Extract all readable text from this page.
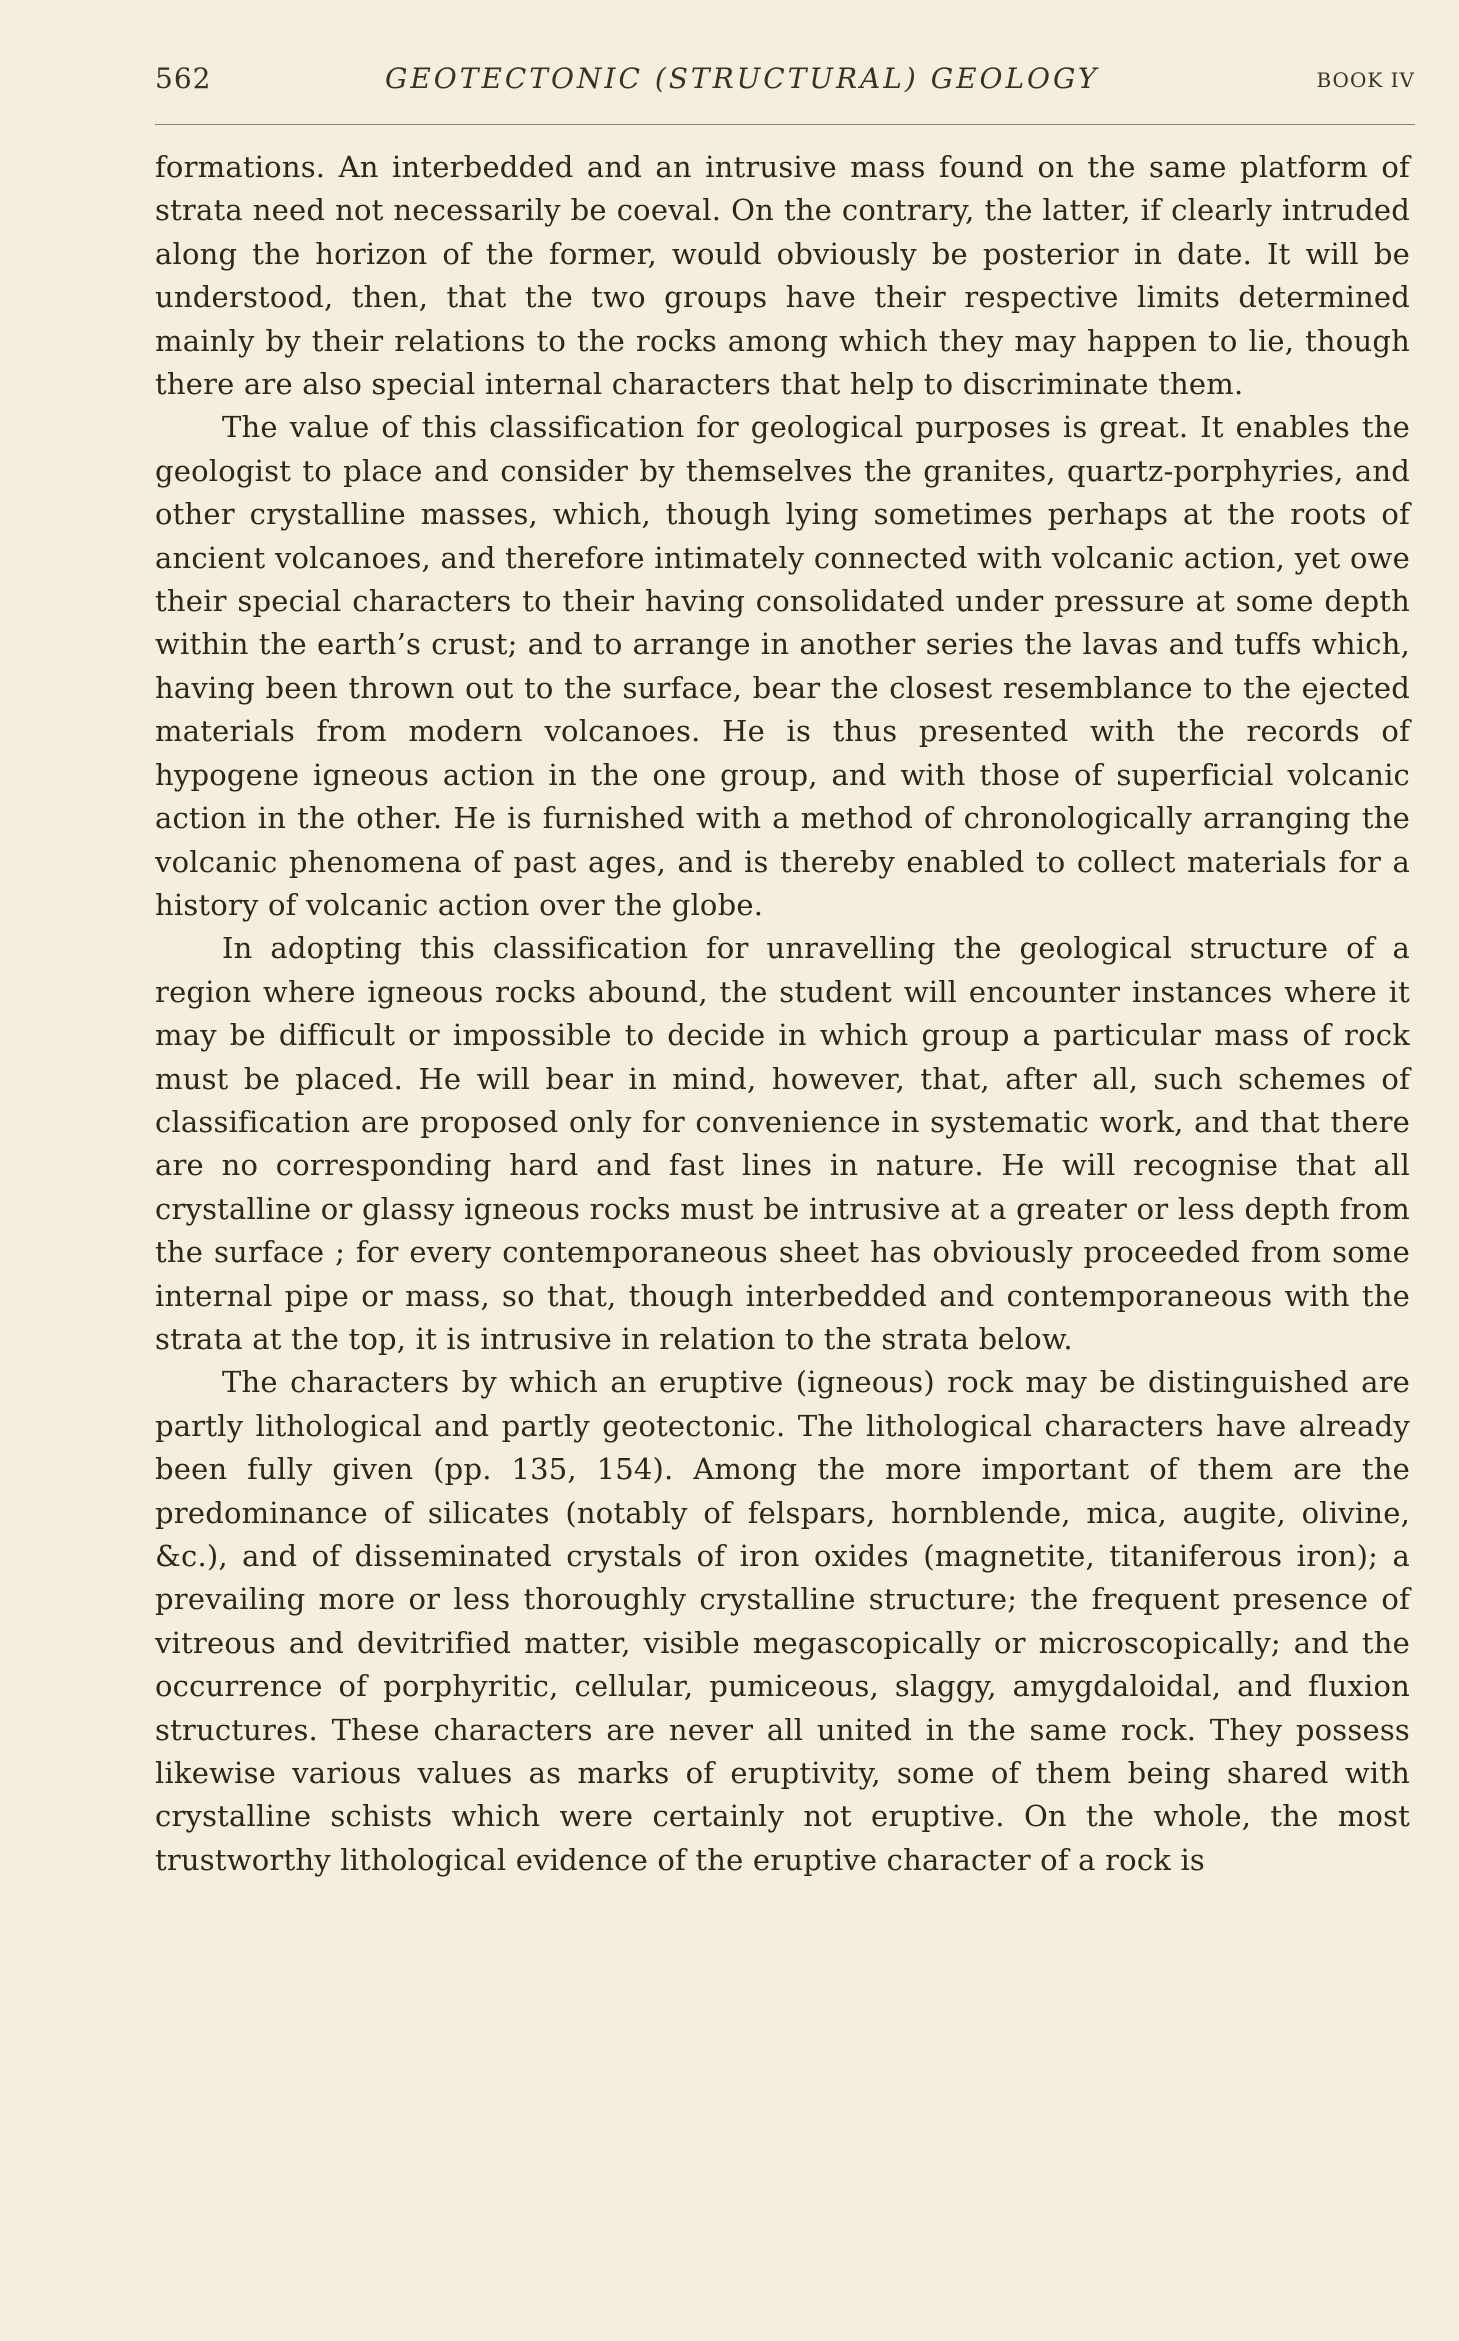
562	GEOTECTONIC (STRUCTURAL) GEOLOGY	BOOK IV

formations. An interbedded and an intrusive mass found on the same platform of strata need not necessarily be coeval. On the contrary, the latter, if clearly intruded along the horizon of the former, would obviously be posterior in date. It will be understood, then, that the two groups have their respective limits determined mainly by their relations to the rocks among which they may happen to lie, though there are also special internal characters that help to discriminate them.

The value of this classification for geological purposes is great. It enables the geologist to place and consider by themselves the granites, quartz-porphyries, and other crystalline masses, which, though lying sometimes perhaps at the roots of ancient volcanoes, and therefore intimately connected with volcanic action, yet owe their special characters to their having consolidated under pressure at some depth within the earth’s crust; and to arrange in another series the lavas and tuffs which, having been thrown out to the surface, bear the closest resemblance to the ejected materials from modern volcanoes. He is thus presented with the records of hypogene igneous action in the one group, and with those of superficial volcanic action in the other. He is furnished with a method of chronologically arranging the volcanic phenomena of past ages, and is thereby enabled to collect materials for a history of volcanic action over the globe.

In adopting this classification for unravelling the geological structure of a region where igneous rocks abound, the student will encounter instances where it may be difficult or impossible to decide in which group a particular mass of rock must be placed. He will bear in mind, however, that, after all, such schemes of classification are proposed only for convenience in systematic work, and that there are no corresponding hard and fast lines in nature. He will recognise that all crystalline or glassy igneous rocks must be intrusive at a greater or less depth from the surface ; for every contemporaneous sheet has obviously proceeded from some internal pipe or mass, so that, though interbedded and contemporaneous with the strata at the top, it is intrusive in relation to the strata below.

The characters by which an eruptive (igneous) rock may be distinguished are partly lithological and partly geotectonic. The lithological characters have already been fully given (pp. 135, 154). Among the more important of them are the predominance of silicates (notably of felspars, hornblende, mica, augite, olivine, &c.), and of disseminated crystals of iron oxides (magnetite, titaniferous iron); a prevailing more or less thoroughly crystalline structure; the frequent presence of vitreous and devitrified matter, visible megascopically or microscopically; and the occurrence of porphyritic, cellular, pumiceous, slaggy, amygdaloidal, and fluxion structures. These characters are never all united in the same rock. They possess likewise various values as marks of eruptivity, some of them being shared with crystalline schists which were certainly not eruptive. On the whole, the most trustworthy lithological evidence of the eruptive character of a rock is
